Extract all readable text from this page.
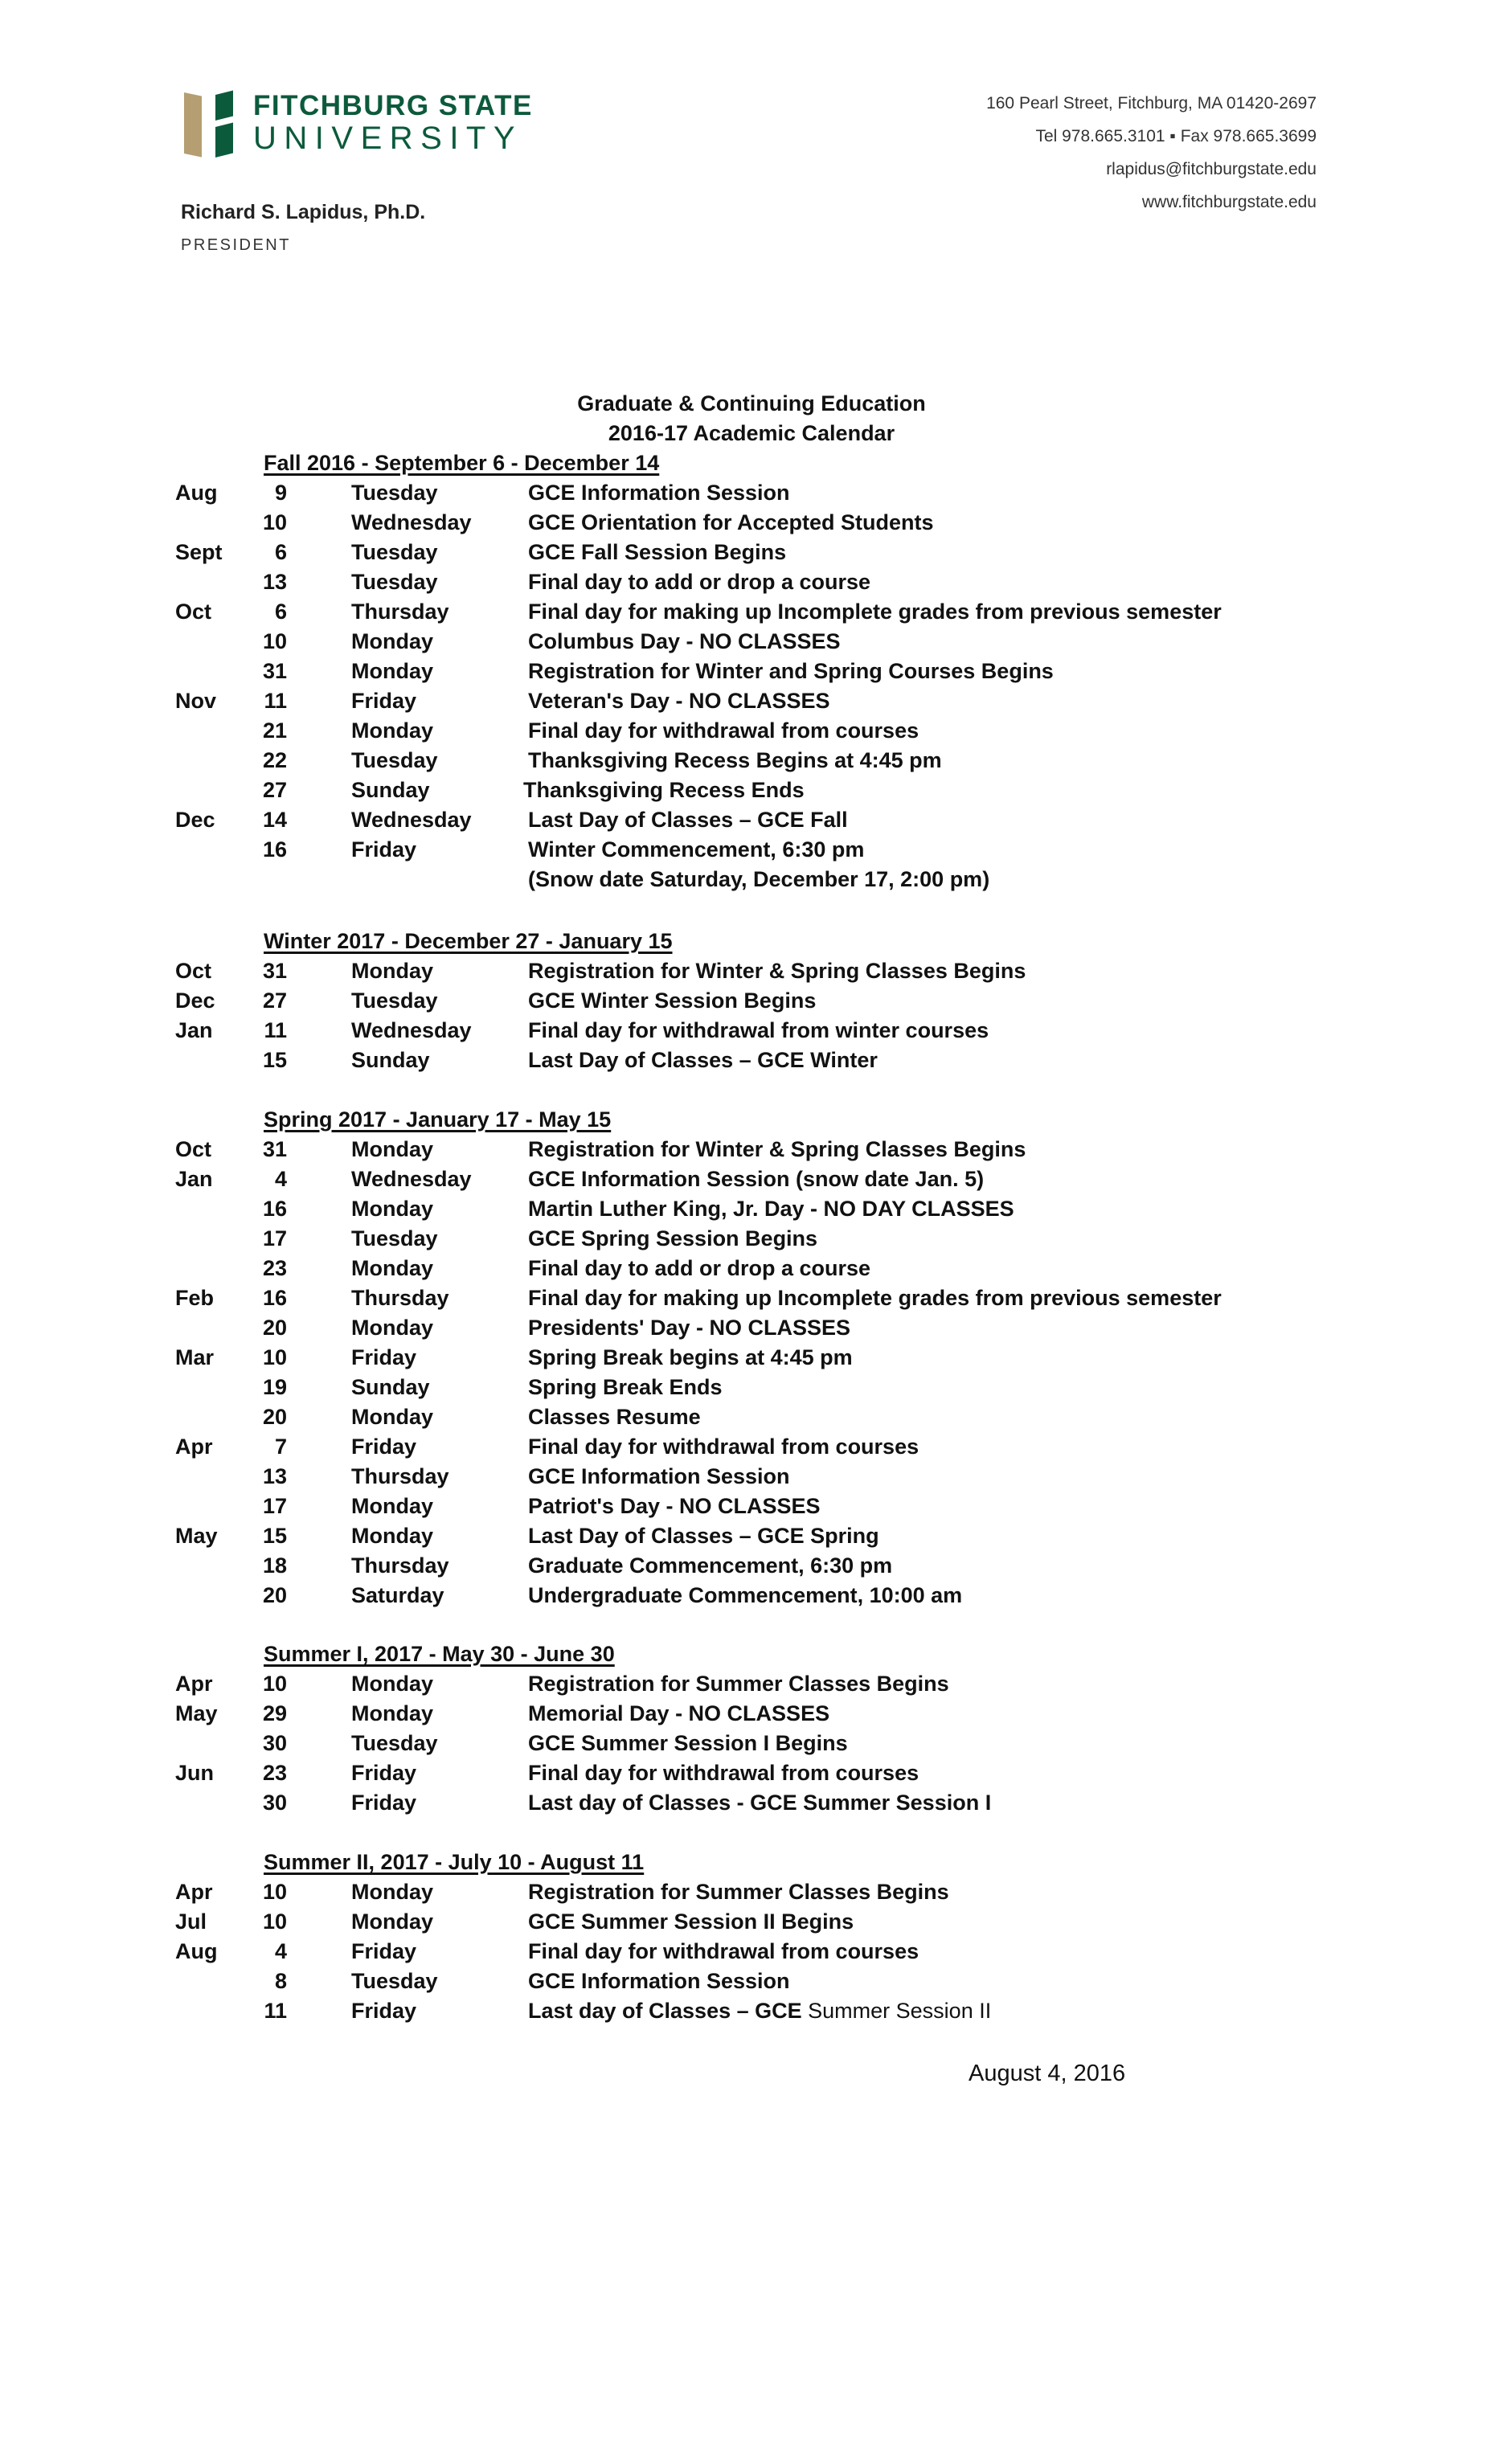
FITCHBURG STATE
UNIVERSITY
Richard S. Lapidus, Ph.D.
PRESIDENT
160 Pearl Street, Fitchburg, MA 01420-2697
Tel 978.665.3101 ▪ Fax 978.665.3699
rlapidus@fitchburgstate.edu
www.fitchburgstate.edu
Graduate & Continuing Education
2016-17 Academic Calendar
Fall 2016 - September 6 - December 14
Aug	9	Tuesday	GCE Information Session
10	Wednesday	GCE Orientation for Accepted Students
Sept	6	Tuesday	GCE Fall Session Begins
13	Tuesday	Final day to add or drop a course
Oct	6	Thursday	Final day for making up Incomplete grades from previous semester
10	Monday	Columbus Day - NO CLASSES
31	Monday	Registration for Winter and Spring Courses Begins
Nov	11	Friday	Veteran's Day - NO CLASSES
21	Monday	Final day for withdrawal from courses
22	Tuesday	Thanksgiving Recess Begins at 4:45 pm
27	Sunday	Thanksgiving Recess Ends
Dec	14	Wednesday	Last Day of Classes – GCE Fall
16	Friday	Winter Commencement, 6:30 pm
(Snow date Saturday, December 17, 2:00 pm)
Winter 2017 - December 27 - January 15
Oct	31	Monday	Registration for Winter & Spring Classes Begins
Dec	27	Tuesday	GCE Winter Session Begins
Jan	11	Wednesday	Final day for withdrawal from winter courses
15	Sunday	Last Day of Classes – GCE Winter
Spring 2017 - January 17 - May 15
Oct	31	Monday	Registration for Winter & Spring Classes Begins
Jan	4	Wednesday	GCE Information Session (snow date Jan. 5)
16	Monday	Martin Luther King, Jr. Day - NO DAY CLASSES
17	Tuesday	GCE Spring Session Begins
23	Monday	Final day to add or drop a course
Feb	16	Thursday	Final day for making up Incomplete grades from previous semester
20	Monday	Presidents' Day - NO CLASSES
Mar	10	Friday	Spring Break begins at 4:45 pm
19	Sunday	Spring Break Ends
20	Monday	Classes Resume
Apr	7	Friday	Final day for withdrawal from courses
13	Thursday	GCE Information Session
17	Monday	Patriot's Day - NO CLASSES
May	15	Monday	Last Day of Classes – GCE Spring
18	Thursday	Graduate Commencement, 6:30 pm
20	Saturday	Undergraduate Commencement, 10:00 am
Summer I, 2017 - May 30 - June 30
Apr	10	Monday	Registration for Summer Classes Begins
May	29	Monday	Memorial Day - NO CLASSES
30	Tuesday	GCE Summer Session I Begins
Jun	23	Friday	Final day for withdrawal from courses
30	Friday	Last day of Classes - GCE Summer Session I
Summer II, 2017 - July 10 - August 11
Apr	10	Monday	Registration for Summer Classes Begins
Jul	10	Monday	GCE Summer Session II Begins
Aug	4	Friday	Final day for withdrawal from courses
8	Tuesday	GCE Information Session
11	Friday	Last day of Classes – GCE Summer Session II
August 4, 2016
